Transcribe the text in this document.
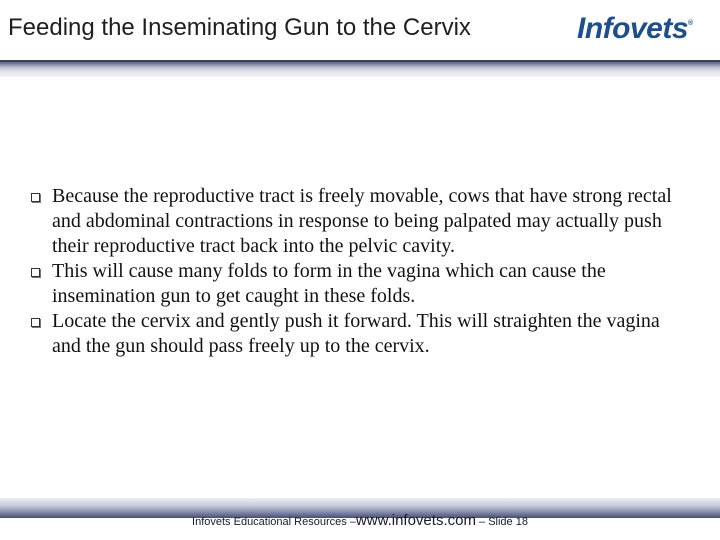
Feeding the Inseminating Gun to the Cervix	Infovets®
Because the reproductive tract is freely movable, cows that have strong rectal and abdominal contractions in response to being palpated may actually push their reproductive tract back into the pelvic cavity.
This will cause many folds to form in the vagina which can cause the insemination gun to get caught in these folds.
Locate the cervix and gently push it forward. This will straighten the vagina and the gun should pass freely up to the cervix.
Infovets Educational Resources –www.infovets.com – Slide 18
